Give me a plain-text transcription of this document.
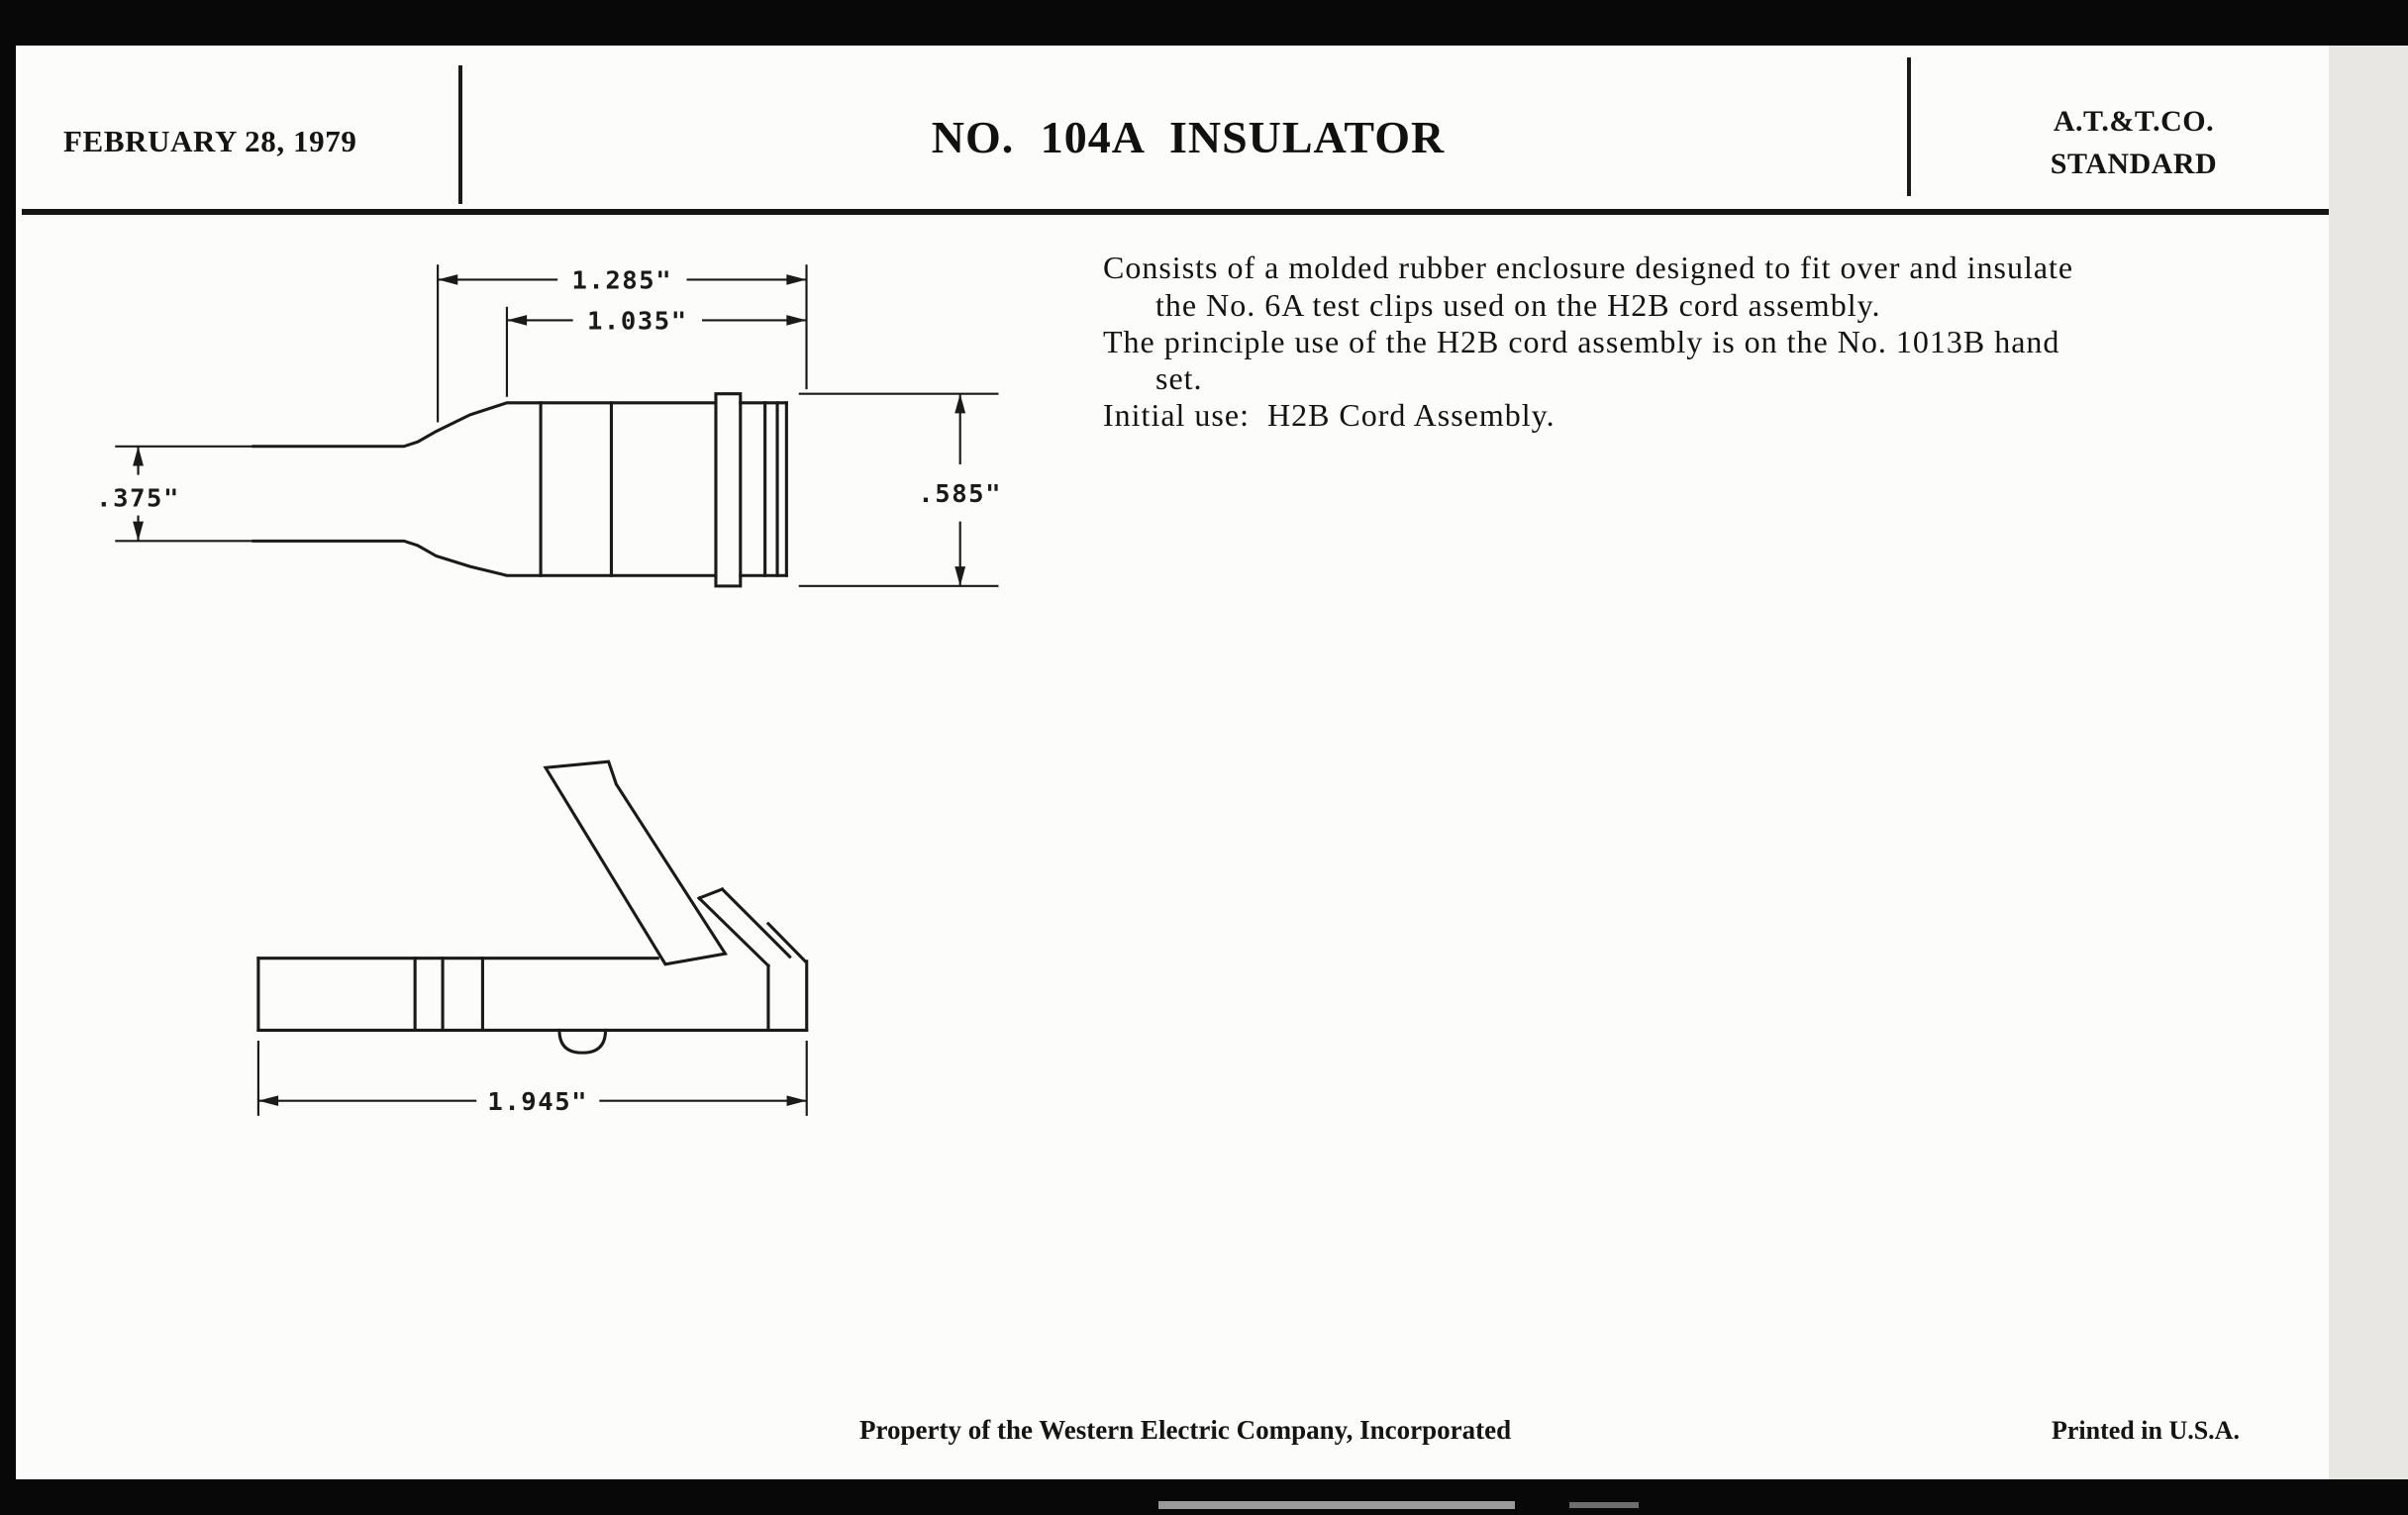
FEBRUARY 28, 1979	NO. 104A INSULATOR	A.T.&T.CO.
STANDARD
Consists of a molded rubber enclosure designed to fit over and insulate
the No. 6A test clips used on the H2B cord assembly.
The principle use of the H2B cord assembly is on the No. 1013B hand
set.
Initial use:  H2B Cord Assembly.
1.285"
1.035"
.375"	.585"
1.945"
Property of the Western Electric Company, Incorporated	Printed in U.S.A.
